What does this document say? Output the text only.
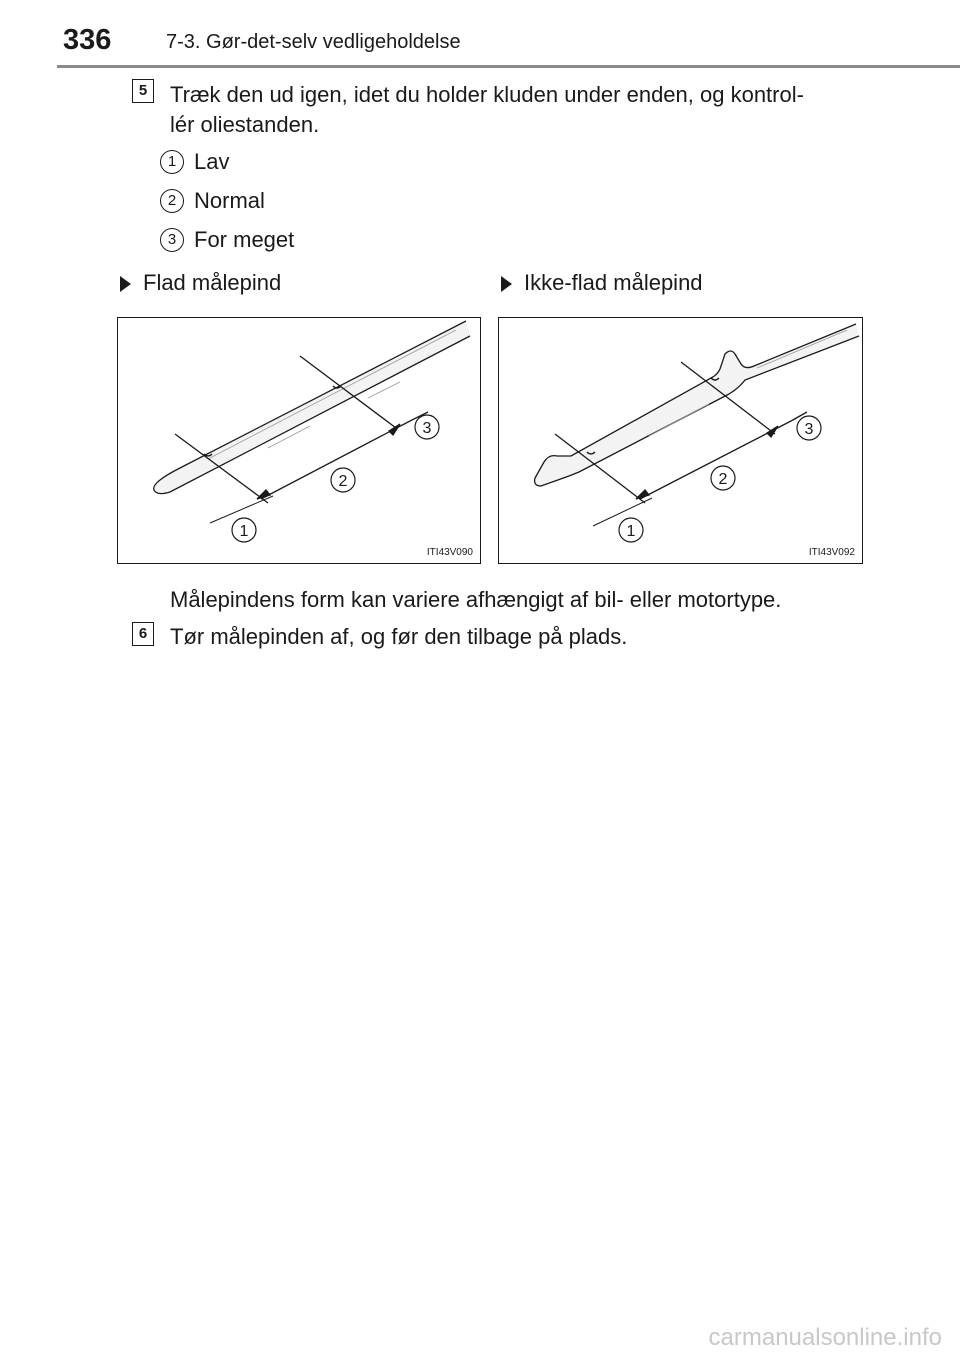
336	7-3. Gør-det-selv vedligeholdelse
5	Træk den ud igen, idet du holder kluden under enden, og kontrol-
lér oliestanden.
1 Lav
2 Normal
3 For meget
Flad målepind	Ikke-flad målepind
3
2
1
ITI43V090
3
2
1
ITI43V092
Målepindens form kan variere afhængigt af bil- eller motortype.
6	Tør målepinden af, og før den tilbage på plads.
carmanualsonline.info
